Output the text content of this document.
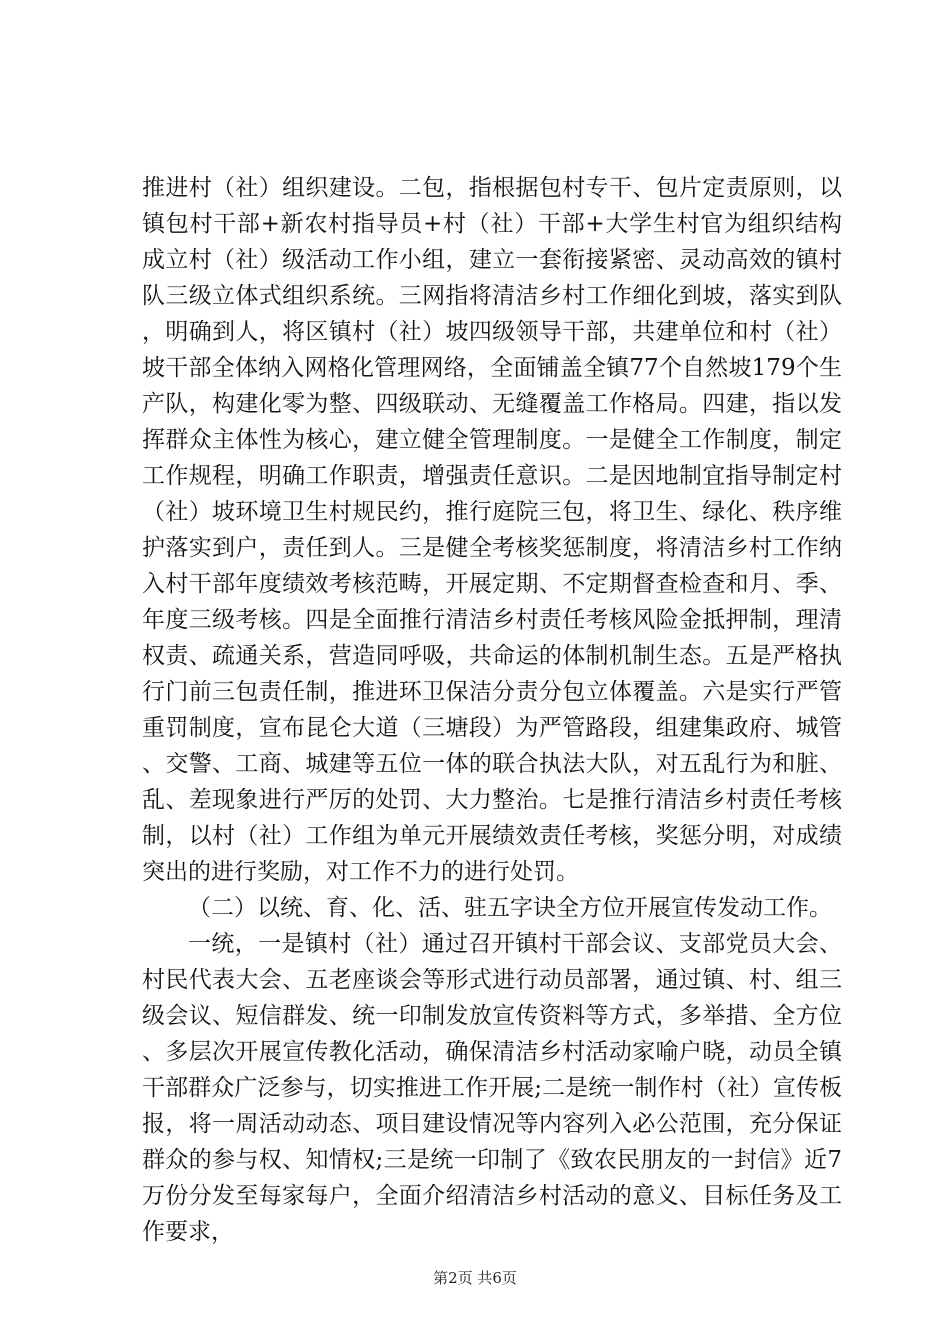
推进村（社）组织建设。二包，指根据包村专干、包片定责原则，以镇包村干部+新农村指导员+村（社）干部+大学生村官为组织结构成立村（社）级活动工作小组，建立一套衔接紧密、灵动高效的镇村队三级立体式组织系统。三网指将清洁乡村工作细化到坡，落实到队，明确到人，将区镇村（社）坡四级领导干部，共建单位和村（社）坡干部全体纳入网格化管理网络，全面铺盖全镇77个自然坡179个生产队，构建化零为整、四级联动、无缝覆盖工作格局。四建，指以发挥群众主体性为核心，建立健全管理制度。一是健全工作制度，制定工作规程，明确工作职责，增强责任意识。二是因地制宜指导制定村（社）坡环境卫生村规民约，推行庭院三包，将卫生、绿化、秩序维护落实到户，责任到人。三是健全考核奖惩制度，将清洁乡村工作纳入村干部年度绩效考核范畴，开展定期、不定期督查检查和月、季、年度三级考核。四是全面推行清洁乡村责任考核风险金抵押制，理清权责、疏通关系，营造同呼吸，共命运的体制机制生态。五是严格执行门前三包责任制，推进环卫保洁分责分包立体覆盖。六是实行严管重罚制度，宣布昆仑大道（三塘段）为严管路段，组建集政府、城管、交警、工商、城建等五位一体的联合执法大队，对五乱行为和脏、乱、差现象进行严厉的处罚、大力整治。七是推行清洁乡村责任考核制，以村（社）工作组为单元开展绩效责任考核，奖惩分明，对成绩突出的进行奖励，对工作不力的进行处罚。

（二）以统、育、化、活、驻五字诀全方位开展宣传发动工作。

一统，一是镇村（社）通过召开镇村干部会议、支部党员大会、村民代表大会、五老座谈会等形式进行动员部署，通过镇、村、组三级会议、短信群发、统一印制发放宣传资料等方式，多举措、全方位、多层次开展宣传教化活动，确保清洁乡村活动家喻户晓，动员全镇干部群众广泛参与，切实推进工作开展;二是统一制作村（社）宣传板报，将一周活动动态、项目建设情况等内容列入必公范围，充分保证群众的参与权、知情权;三是统一印制了《致农民朋友的一封信》近7万份分发至每家每户，全面介绍清洁乡村活动的意义、目标任务及工作要求，

第2页 共6页
